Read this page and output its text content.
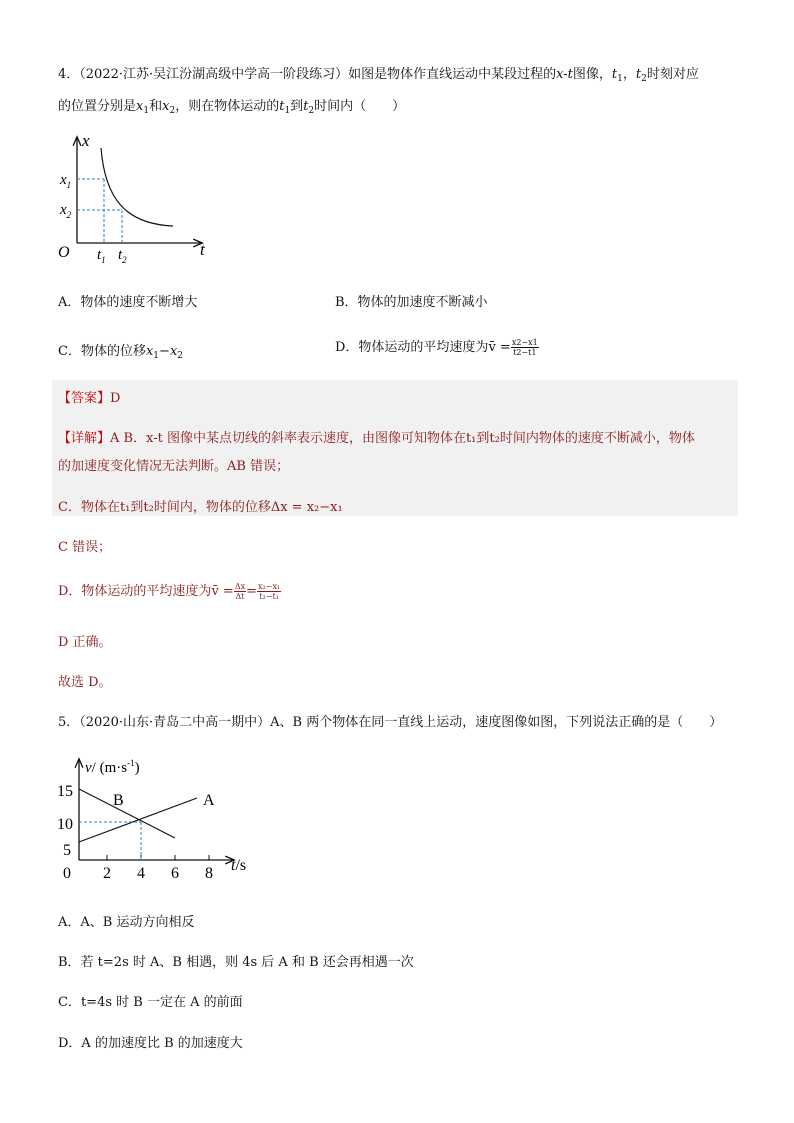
4．（2022·江苏·吴江汾湖高级中学高一阶段练习）如图是物体作直线运动中某段过程的x-t图像，$t_1$，$t_2$时刻对应
的位置分别是$x_1$和$x_2$，则在物体运动的$t_1$到$t_2$时间内（　　）
x
t
O
$x_1$
$x_2$
$t_1$ $t_2$
A．物体的速度不断增大	B．物体的加速度不断减小
C．物体的位移$x_1-x_2$
D．物体运动的平均速度为v̄ = $\frac{x2-x1}{t2-t1}$
【答案】D
【详解】A B．x-t 图像中某点切线的斜率表示速度，由图像可知物体在t₁到t₂时间内物体的速度不断减小，物体
的加速度变化情况无法判断。AB 错误；
C．物体在t₁到t₂时间内，物体的位移Δx = x₂−x₁
C 错误；
D．物体运动的平均速度为v̄ = $\frac{\Delta x}{\Delta t} = \frac{\text{x₂−x₁}}{\text{t₂−t₁}}$
D 正确。
故选 D。
5．（2020·山东·青岛二中高一期中）A、B 两个物体在同一直线上运动，速度图像如图，下列说法正确的是（　　）
v/ $(m\cdot s^{-1})$
t/s
15
10
5
0 2 4 6 8
A
B
A．A、B 运动方向相反
B．若 t=2s 时 A、B 相遇，则 4s 后 A 和 B 还会再相遇一次
C．t=4s 时 B 一定在 A 的前面
D．A 的加速度比 B 的加速度大
